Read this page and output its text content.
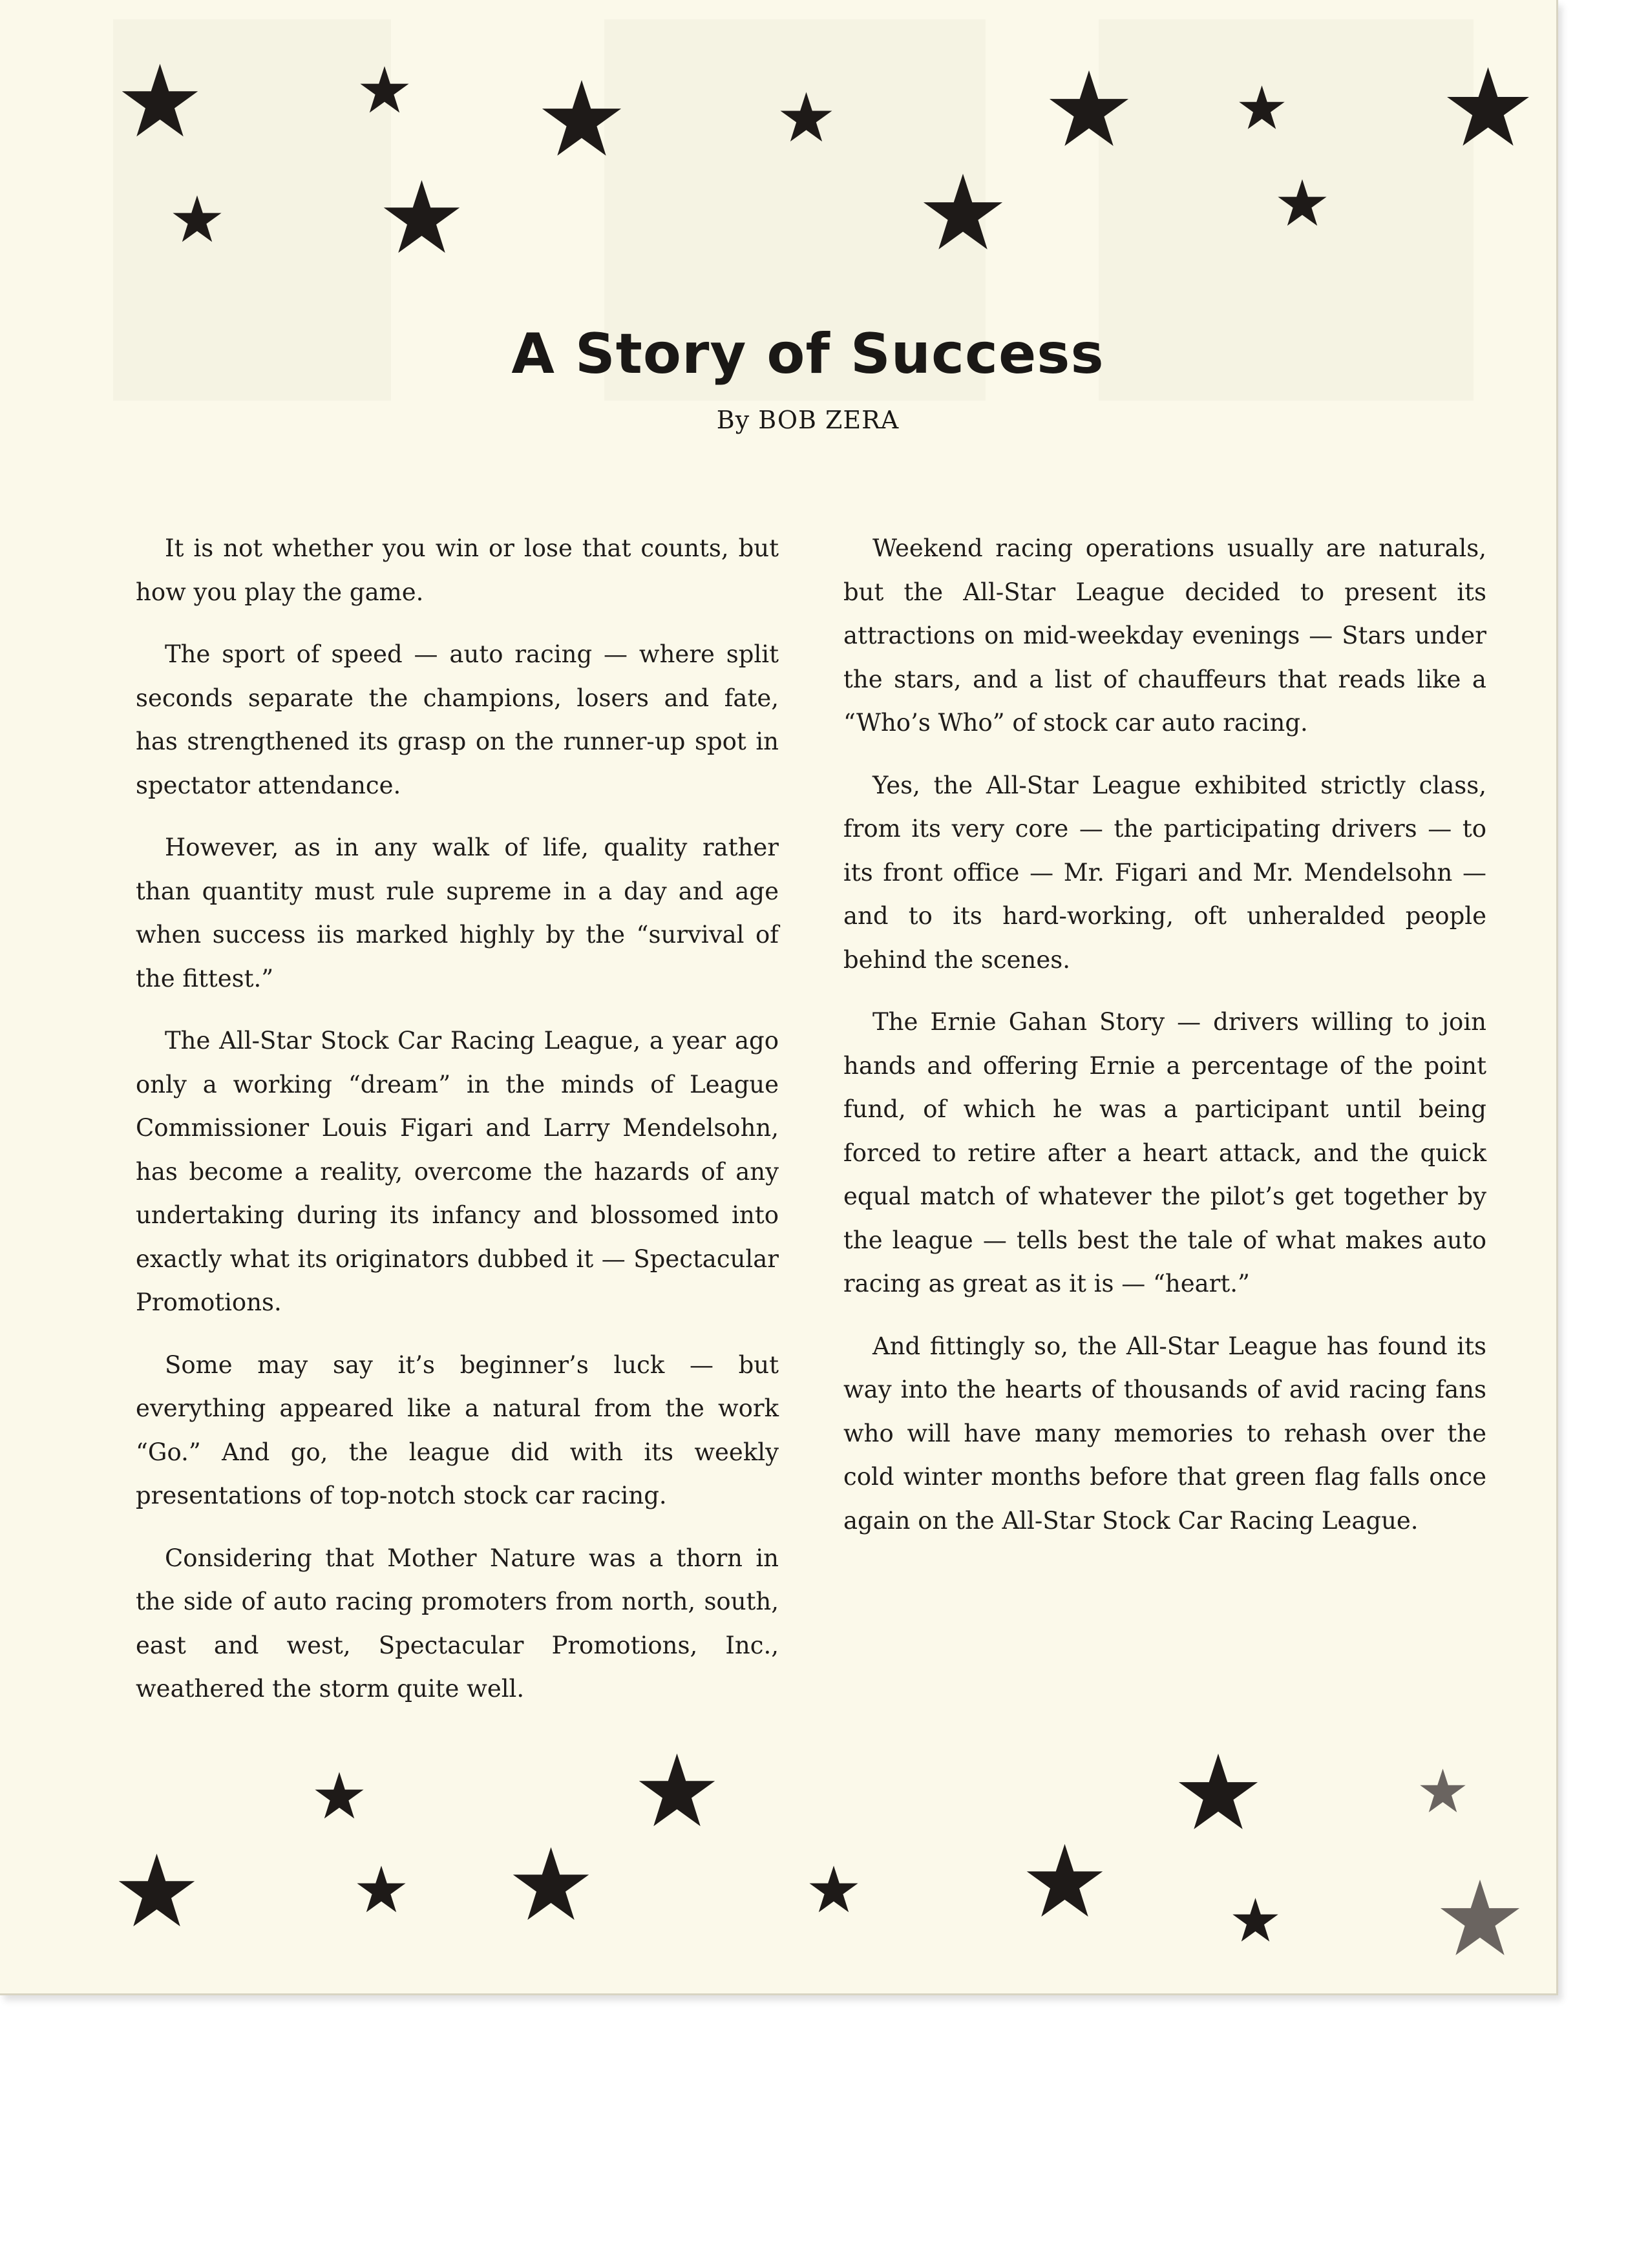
A Story of Success
By BOB ZERA

It is not whether you win or lose that counts, but how you play the game.

The sport of speed — auto racing — where split seconds separate the champions, losers and fate, has strengthened its grasp on the runner-up spot in spectator attendance.

However, as in any walk of life, quality rather than quantity must rule supreme in a day and age when success iis marked highly by the “survival of the fittest.”

The All-Star Stock Car Racing League, a year ago only a working “dream” in the minds of League Commissioner Louis Figari and Larry Mendelsohn, has become a reality, overcome the hazards of any undertaking during its infancy and blossomed into exactly what its originators dubbed it — Spectacular Promotions.

Some may say it’s beginner’s luck — but everything appeared like a natural from the work “Go.” And go, the league did with its weekly presentations of top-notch stock car racing.

Considering that Mother Nature was a thorn in the side of auto racing promoters from north, south, east and west, Spectacular Promotions, Inc., weathered the storm quite well.

Weekend racing operations usually are naturals, but the All-Star League decided to present its attractions on mid-weekday evenings — Stars under the stars, and a list of chauffeurs that reads like a “Who’s Who” of stock car auto racing.

Yes, the All-Star League exhibited strictly class, from its very core — the participating drivers — to its front office — Mr. Figari and Mr. Mendelsohn — and to its hard-working, oft unheralded people behind the scenes.

The Ernie Gahan Story — drivers willing to join hands and offering Ernie a percentage of the point fund, of which he was a participant until being forced to retire after a heart attack, and the quick equal match of whatever the pilot’s get together by the league — tells best the tale of what makes auto racing as great as it is — “heart.”

And fittingly so, the All-Star League has found its way into the hearts of thousands of avid racing fans who will have many memories to rehash over the cold winter months before that green flag falls once again on the All-Star Stock Car Racing League.
